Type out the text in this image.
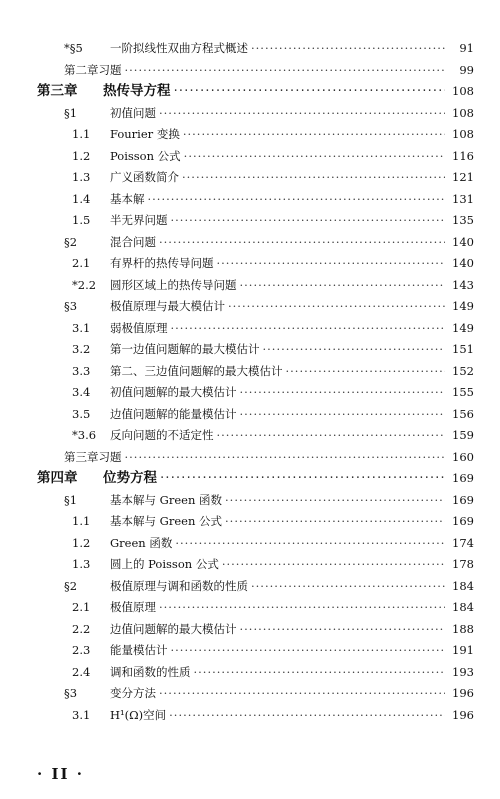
*§5	一阶拟线性双曲方程式概述 ·····	91
第二章习题 ·····	99
第三章	热传导方程 ·····	108
§1	初值问题 ·····	108
1.1	Fourier 变换 ·····	108
1.2	Poisson 公式 ·····	116
1.3	广义函数简介 ·····	121
1.4	基本解 ·····	131
1.5	半无界问题 ·····	135
§2	混合问题 ·····	140
2.1	有界杆的热传导问题 ·····	140
*2.2	圆形区域上的热传导问题 ·····	143
§3	极值原理与最大模估计 ·····	149
3.1	弱极值原理 ·····	149
3.2	第一边值问题解的最大模估计 ·····	151
3.3	第二、三边值问题解的最大模估计 ·····	152
3.4	初值问题解的最大模估计 ·····	155
3.5	边值问题解的能量模估计 ·····	156
*3.6	反向问题的不适定性 ·····	159
第三章习题 ·····	160
第四章	位势方程 ·····	169
§1	基本解与 Green 函数 ·····	169
1.1	基本解与 Green 公式 ·····	169
1.2	Green 函数 ·····	174
1.3	圆上的 Poisson 公式 ·····	178
§2	极值原理与调和函数的性质 ·····	184
2.1	极值原理 ·····	184
2.2	边值问题解的最大模估计 ·····	188
2.3	能量模估计 ·····	191
2.4	调和函数的性质 ·····	193
§3	变分方法 ·····	196
3.1	H¹(Ω)空间 ·····	196
· II ·
